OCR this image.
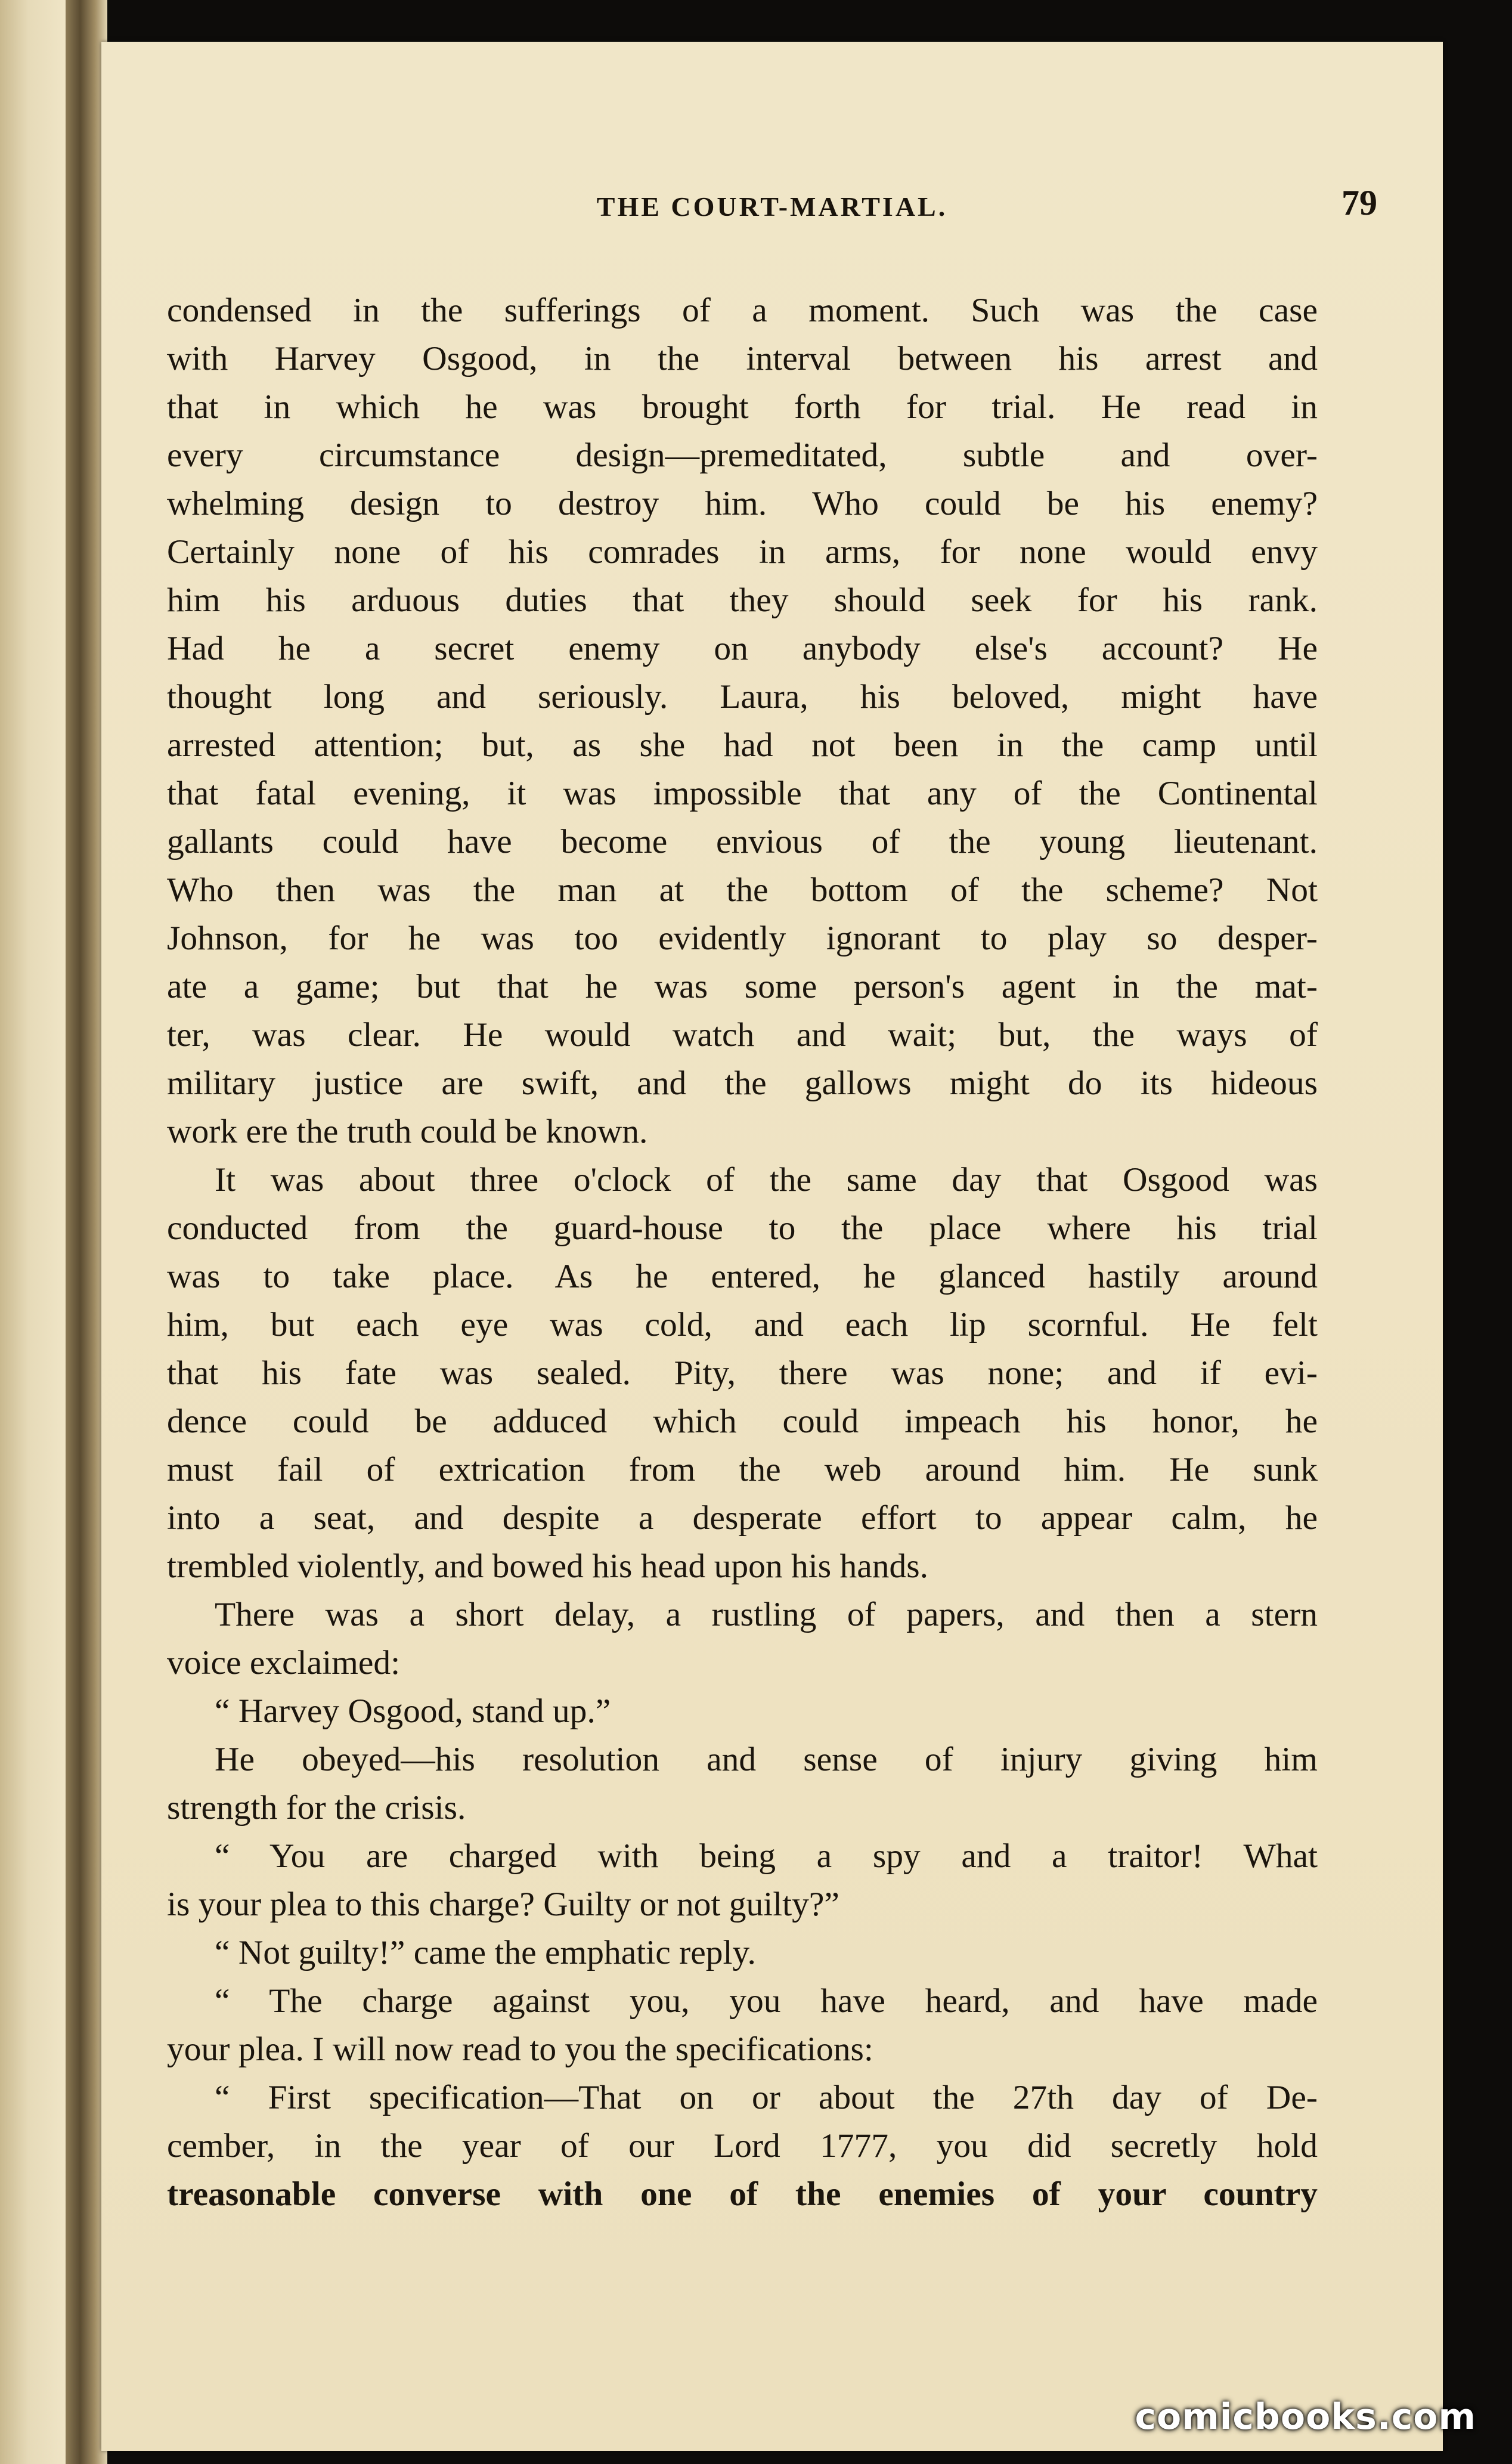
THE COURT-MARTIAL.	79
condensed in the sufferings of a moment. Such was the case
with Harvey Osgood, in the interval between his arrest and
that in which he was brought forth for trial. He read in
every circumstance design—premeditated, subtle and over-
whelming design to destroy him. Who could be his enemy?
Certainly none of his comrades in arms, for none would envy
him his arduous duties that they should seek for his rank.
Had he a secret enemy on anybody else's account? He
thought long and seriously. Laura, his beloved, might have
arrested attention; but, as she had not been in the camp until
that fatal evening, it was impossible that any of the Continental
gallants could have become envious of the young lieutenant.
Who then was the man at the bottom of the scheme? Not
Johnson, for he was too evidently ignorant to play so desper-
ate a game; but that he was some person's agent in the mat-
ter, was clear. He would watch and wait; but, the ways of
military justice are swift, and the gallows might do its hideous
work ere the truth could be known.
It was about three o'clock of the same day that Osgood was
conducted from the guard-house to the place where his trial
was to take place. As he entered, he glanced hastily around
him, but each eye was cold, and each lip scornful. He felt
that his fate was sealed. Pity, there was none; and if evi-
dence could be adduced which could impeach his honor, he
must fail of extrication from the web around him. He sunk
into a seat, and despite a desperate effort to appear calm, he
trembled violently, and bowed his head upon his hands.
There was a short delay, a rustling of papers, and then a stern
voice exclaimed:
“ Harvey Osgood, stand up.”
He obeyed—his resolution and sense of injury giving him
strength for the crisis.
“ You are charged with being a spy and a traitor! What
is your plea to this charge? Guilty or not guilty?”
“ Not guilty!” came the emphatic reply.
“ The charge against you, you have heard, and have made
your plea. I will now read to you the specifications:
“ First specification—That on or about the 27th day of De-
cember, in the year of our Lord 1777, you did secretly hold
treasonable converse with one of the enemies of your country
comicbooks.com
